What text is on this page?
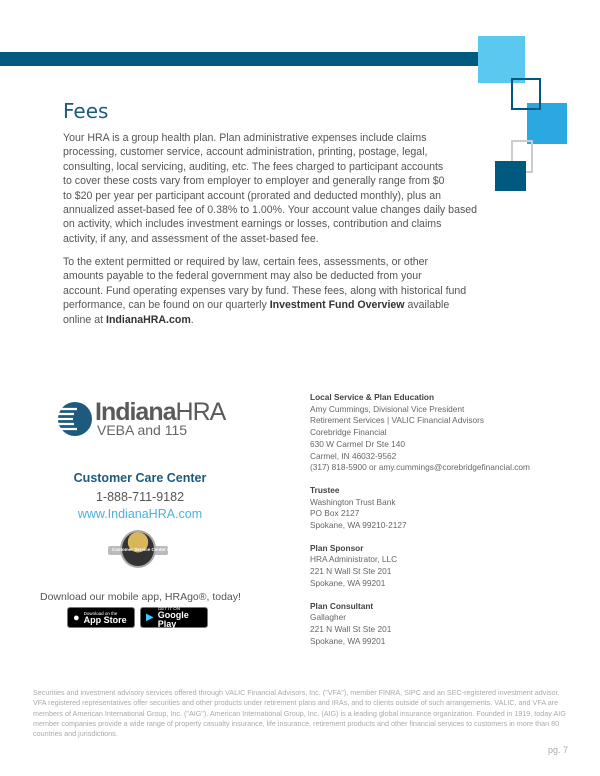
Fees
Your HRA is a group health plan. Plan administrative expenses include claims
processing, customer service, account administration, printing, postage, legal,
consulting, local servicing, auditing, etc. The fees charged to participant accounts
to cover these costs vary from employer to employer and generally range from $0
to $20 per year per participant account (prorated and deducted monthly), plus an
annualized asset-based fee of 0.38% to 1.00%. Your account value changes daily based
on activity, which includes investment earnings or losses, contribution and claims
activity, if any, and assessment of the asset-based fee.
To the extent permitted or required by law, certain fees, assessments, or other
amounts payable to the federal government may also be deducted from your
account. Fund operating expenses vary by fund. These fees, along with historical fund
performance, can be found on our quarterly Investment Fund Overview available
online at IndianaHRA.com.
IndianaHRA
VEBA and 115
Customer Care Center
1-888-711-9182
www.IndianaHRA.com
Customer Service Center CERTIFIED
Download our mobile app, HRAgo®, today!
● Download on the
App Store ▶
GET IT ON
Google Play
Local Service & Plan Education
Amy Cummings, Divisional Vice President
Retirement Services | VALIC Financial Advisors
Corebridge Financial
630 W Carmel Dr Ste 140
Carmel, IN 46032-9562
(317) 818-5900 or amy.cummings@corebridgefinancial.com
Trustee
Washington Trust Bank
PO Box 2127
Spokane, WA 99210-2127
Plan Sponsor
HRA Administrator, LLC
221 N Wall St Ste 201
Spokane, WA 99201
Plan Consultant
Gallagher
221 N Wall St Ste 201
Spokane, WA 99201
Securities and investment advisory services offered through VALIC Financial Advisors, Inc. ("VFA"), member FINRA, SIPC and an SEC-registered investment advisor. VFA registered representatives offer securities and other products under retirement plans and IRAs, and to clients outside of such arrangements. VALIC, and VFA are members of American International Group, Inc. ("AIG"). American International Group, Inc. (AIG) is a leading global insurance organization. Founded in 1919, today AIG member companies provide a wide range of property casualty insurance, life insurance, retirement products and other financial services to customers in more than 80 countries and jurisdictions.
pg. 7
